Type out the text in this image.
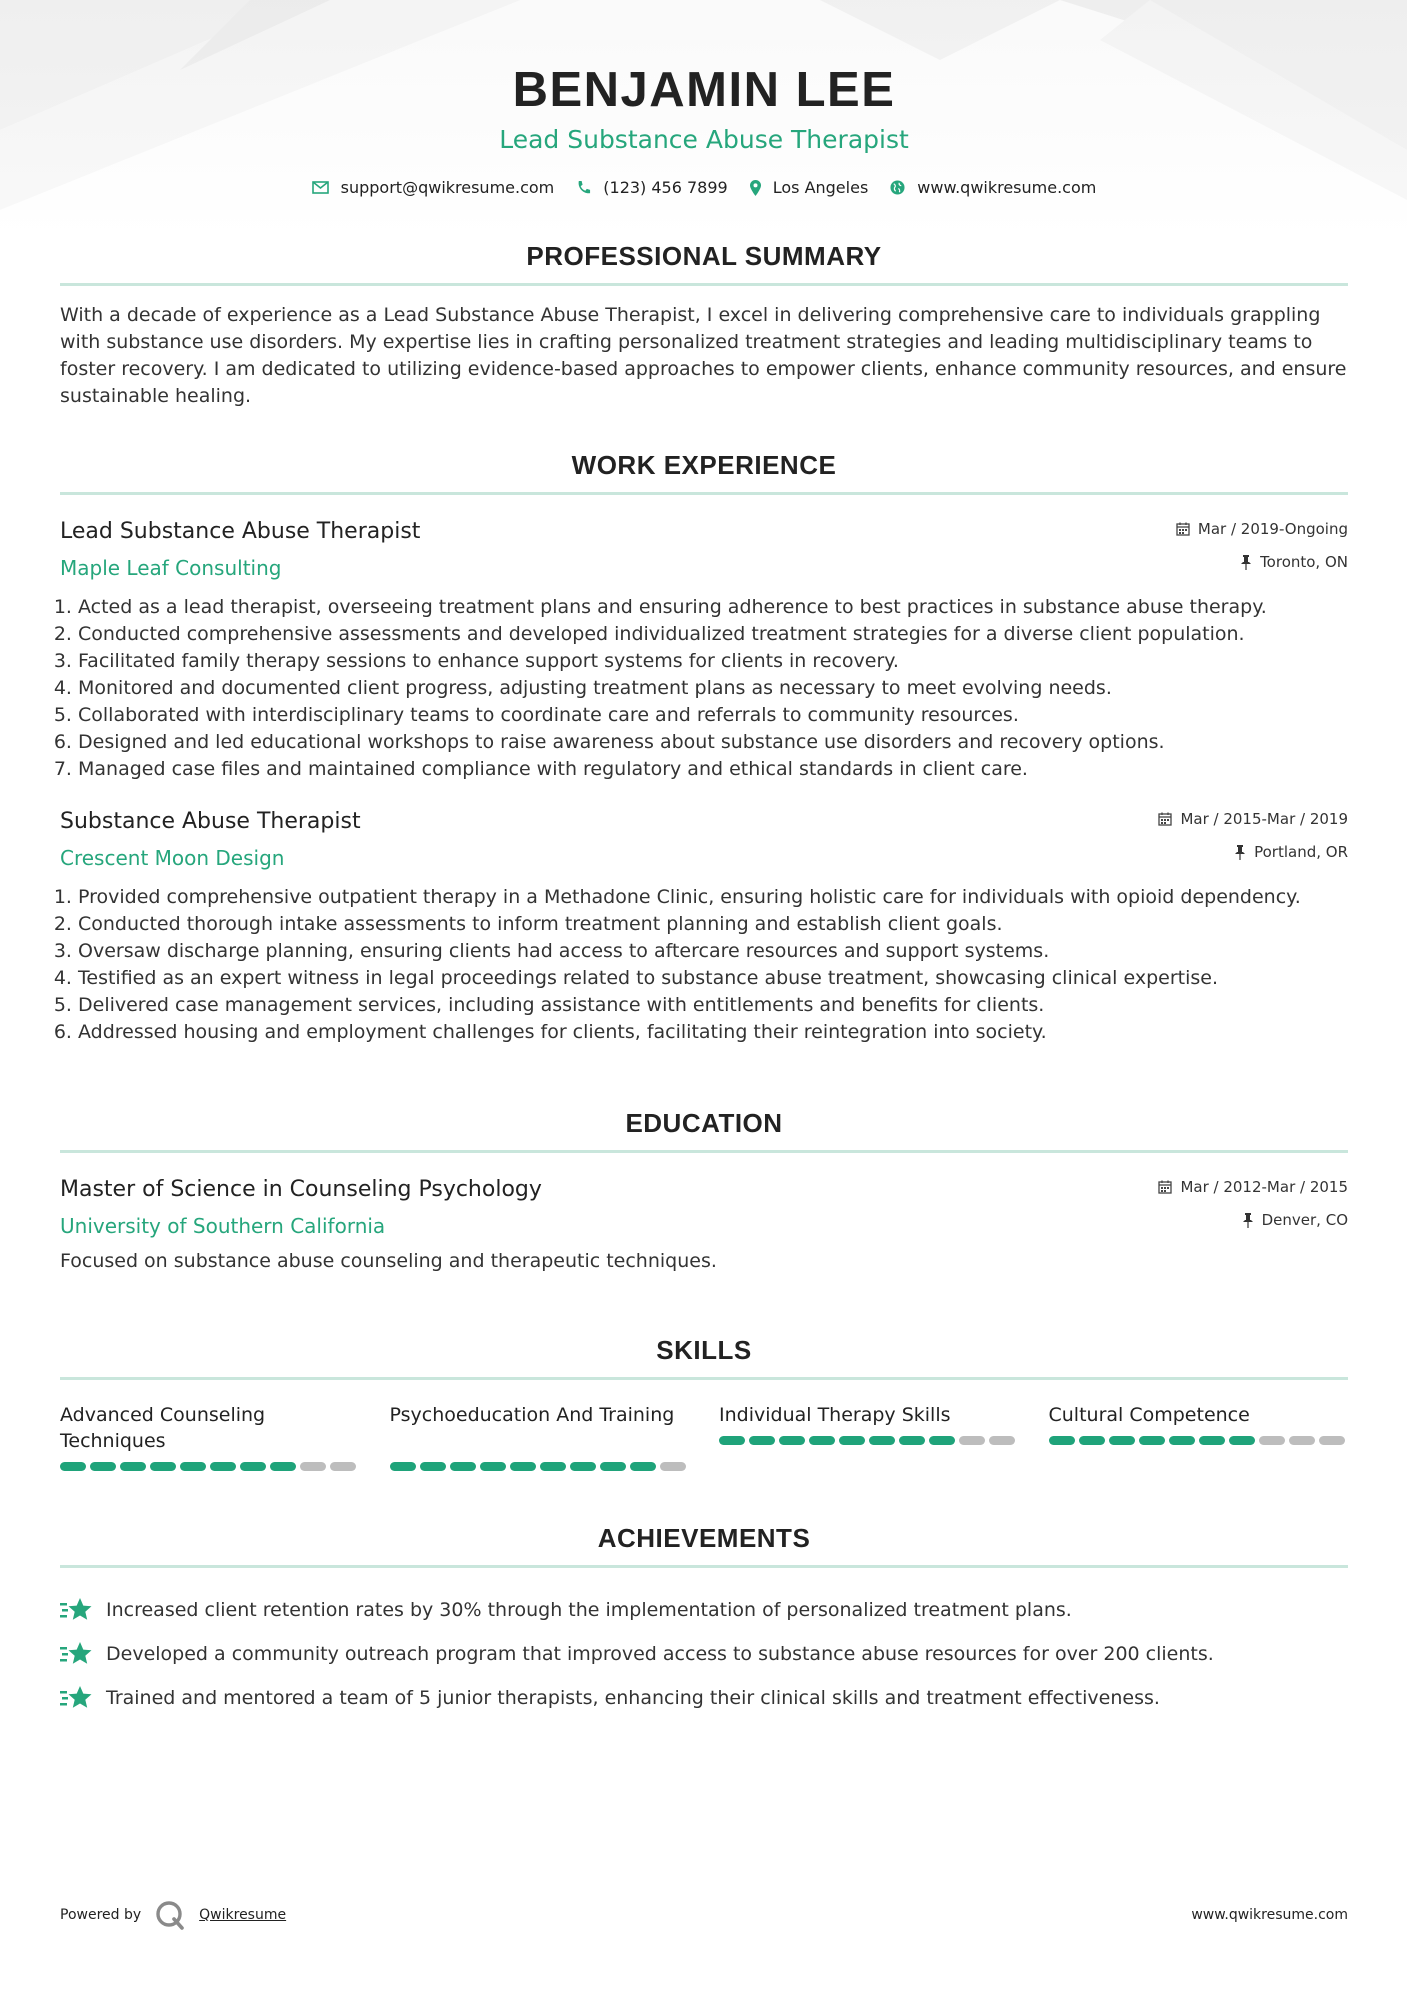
BENJAMIN LEE
Lead Substance Abuse Therapist
support@qwikresume.com	(123) 456 7899	Los Angeles	www.qwikresume.com
PROFESSIONAL SUMMARY
With a decade of experience as a Lead Substance Abuse Therapist, I excel in delivering comprehensive care to individuals grappling with substance use disorders. My expertise lies in crafting personalized treatment strategies and leading multidisciplinary teams to foster recovery. I am dedicated to utilizing evidence-based approaches to empower clients, enhance community resources, and ensure sustainable healing.
WORK EXPERIENCE
Lead Substance Abuse Therapist
Maple Leaf Consulting
Mar / 2019-Ongoing
Toronto, ON
1. Acted as a lead therapist, overseeing treatment plans and ensuring adherence to best practices in substance abuse therapy.
2. Conducted comprehensive assessments and developed individualized treatment strategies for a diverse client population.
3. Facilitated family therapy sessions to enhance support systems for clients in recovery.
4. Monitored and documented client progress, adjusting treatment plans as necessary to meet evolving needs.
5. Collaborated with interdisciplinary teams to coordinate care and referrals to community resources.
6. Designed and led educational workshops to raise awareness about substance use disorders and recovery options.
7. Managed case files and maintained compliance with regulatory and ethical standards in client care.
Substance Abuse Therapist
Crescent Moon Design
Mar / 2015-Mar / 2019
Portland, OR
1. Provided comprehensive outpatient therapy in a Methadone Clinic, ensuring holistic care for individuals with opioid dependency.
2. Conducted thorough intake assessments to inform treatment planning and establish client goals.
3. Oversaw discharge planning, ensuring clients had access to aftercare resources and support systems.
4. Testified as an expert witness in legal proceedings related to substance abuse treatment, showcasing clinical expertise.
5. Delivered case management services, including assistance with entitlements and benefits for clients.
6. Addressed housing and employment challenges for clients, facilitating their reintegration into society.
EDUCATION
Master of Science in Counseling Psychology
University of Southern California
Mar / 2012-Mar / 2015
Denver, CO
Focused on substance abuse counseling and therapeutic techniques.
SKILLS
Advanced Counseling Techniques
Psychoeducation And Training	Individual Therapy Skills	Cultural Competence
ACHIEVEMENTS
Increased client retention rates by 30% through the implementation of personalized treatment plans.
Developed a community outreach program that improved access to substance abuse resources for over 200 clients.
Trained and mentored a team of 5 junior therapists, enhancing their clinical skills and treatment effectiveness.
Powered by	Qwikresume	www.qwikresume.com
